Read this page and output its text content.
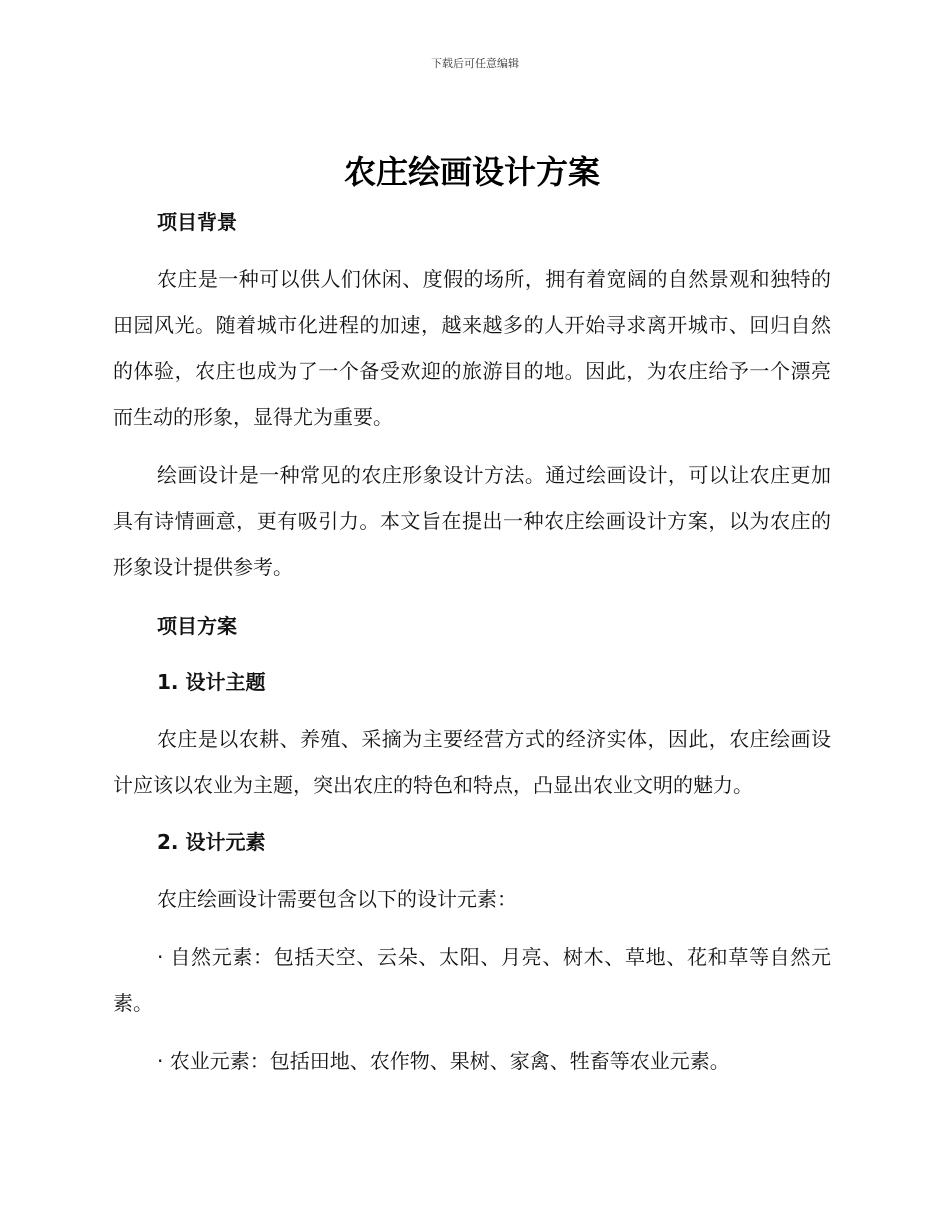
下载后可任意编辑

农庄绘画设计方案

项目背景

农庄是一种可以供人们休闲、度假的场所，拥有着宽阔的自然景观和独特的田园风光。随着城市化进程的加速，越来越多的人开始寻求离开城市、回归自然的体验，农庄也成为了一个备受欢迎的旅游目的地。因此，为农庄给予一个漂亮而生动的形象，显得尤为重要。

绘画设计是一种常见的农庄形象设计方法。通过绘画设计，可以让农庄更加具有诗情画意，更有吸引力。本文旨在提出一种农庄绘画设计方案，以为农庄的形象设计提供参考。

项目方案

1. 设计主题

农庄是以农耕、养殖、采摘为主要经营方式的经济实体，因此，农庄绘画设计应该以农业为主题，突出农庄的特色和特点，凸显出农业文明的魅力。

2. 设计元素

农庄绘画设计需要包含以下的设计元素：

· 自然元素：包括天空、云朵、太阳、月亮、树木、草地、花和草等自然元素。

· 农业元素：包括田地、农作物、果树、家禽、牲畜等农业元素。
